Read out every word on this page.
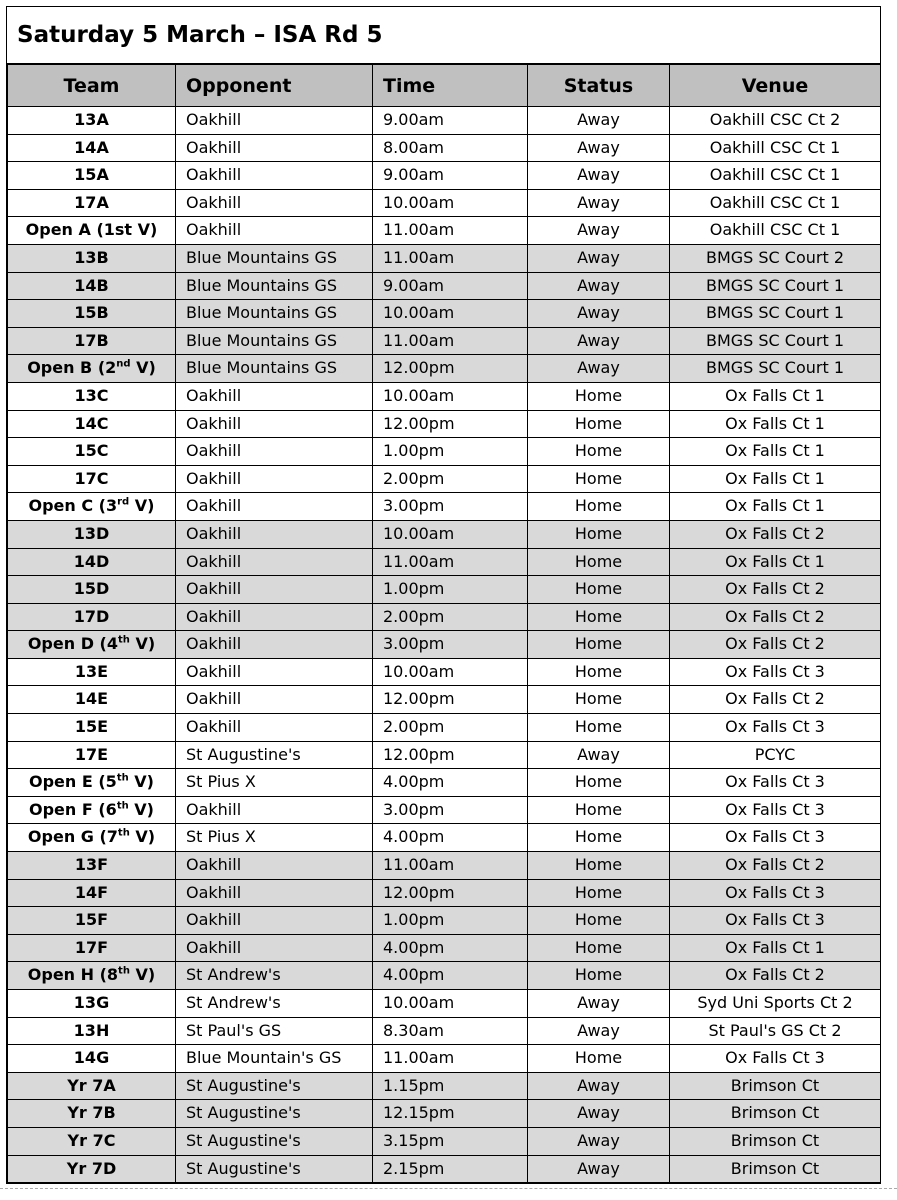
Saturday 5 March – ISA Rd 5
Team	Opponent	Time	Status	Venue
13A	Oakhill	9.00am	Away	Oakhill CSC Ct 2
14A	Oakhill	8.00am	Away	Oakhill CSC Ct 1
15A	Oakhill	9.00am	Away	Oakhill CSC Ct 1
17A	Oakhill	10.00am	Away	Oakhill CSC Ct 1
Open A (1st V)	Oakhill	11.00am	Away	Oakhill CSC Ct 1
13B	Blue Mountains GS	11.00am	Away	BMGS SC Court 2
14B	Blue Mountains GS	9.00am	Away	BMGS SC Court 1
15B	Blue Mountains GS	10.00am	Away	BMGS SC Court 1
17B	Blue Mountains GS	11.00am	Away	BMGS SC Court 1
Open B (2nd V)	Blue Mountains GS	12.00pm	Away	BMGS SC Court 1
13C	Oakhill	10.00am	Home	Ox Falls Ct 1
14C	Oakhill	12.00pm	Home	Ox Falls Ct 1
15C	Oakhill	1.00pm	Home	Ox Falls Ct 1
17C	Oakhill	2.00pm	Home	Ox Falls Ct 1
Open C (3rd V)	Oakhill	3.00pm	Home	Ox Falls Ct 1
13D	Oakhill	10.00am	Home	Ox Falls Ct 2
14D	Oakhill	11.00am	Home	Ox Falls Ct 1
15D	Oakhill	1.00pm	Home	Ox Falls Ct 2
17D	Oakhill	2.00pm	Home	Ox Falls Ct 2
Open D (4th V)	Oakhill	3.00pm	Home	Ox Falls Ct 2
13E	Oakhill	10.00am	Home	Ox Falls Ct 3
14E	Oakhill	12.00pm	Home	Ox Falls Ct 2
15E	Oakhill	2.00pm	Home	Ox Falls Ct 3
17E	St Augustine's	12.00pm	Away	PCYC
Open E (5th V)	St Pius X	4.00pm	Home	Ox Falls Ct 3
Open F (6th V)	Oakhill	3.00pm	Home	Ox Falls Ct 3
Open G (7th V)	St Pius X	4.00pm	Home	Ox Falls Ct 3
13F	Oakhill	11.00am	Home	Ox Falls Ct 2
14F	Oakhill	12.00pm	Home	Ox Falls Ct 3
15F	Oakhill	1.00pm	Home	Ox Falls Ct 3
17F	Oakhill	4.00pm	Home	Ox Falls Ct 1
Open H (8th V)	St Andrew's	4.00pm	Home	Ox Falls Ct 2
13G	St Andrew's	10.00am	Away	Syd Uni Sports Ct 2
13H	St Paul's GS	8.30am	Away	St Paul's GS Ct 2
14G	Blue Mountain's GS	11.00am	Home	Ox Falls Ct 3
Yr 7A	St Augustine's	1.15pm	Away	Brimson Ct
Yr 7B	St Augustine's	12.15pm	Away	Brimson Ct
Yr 7C	St Augustine's	3.15pm	Away	Brimson Ct
Yr 7D	St Augustine's	2.15pm	Away	Brimson Ct
